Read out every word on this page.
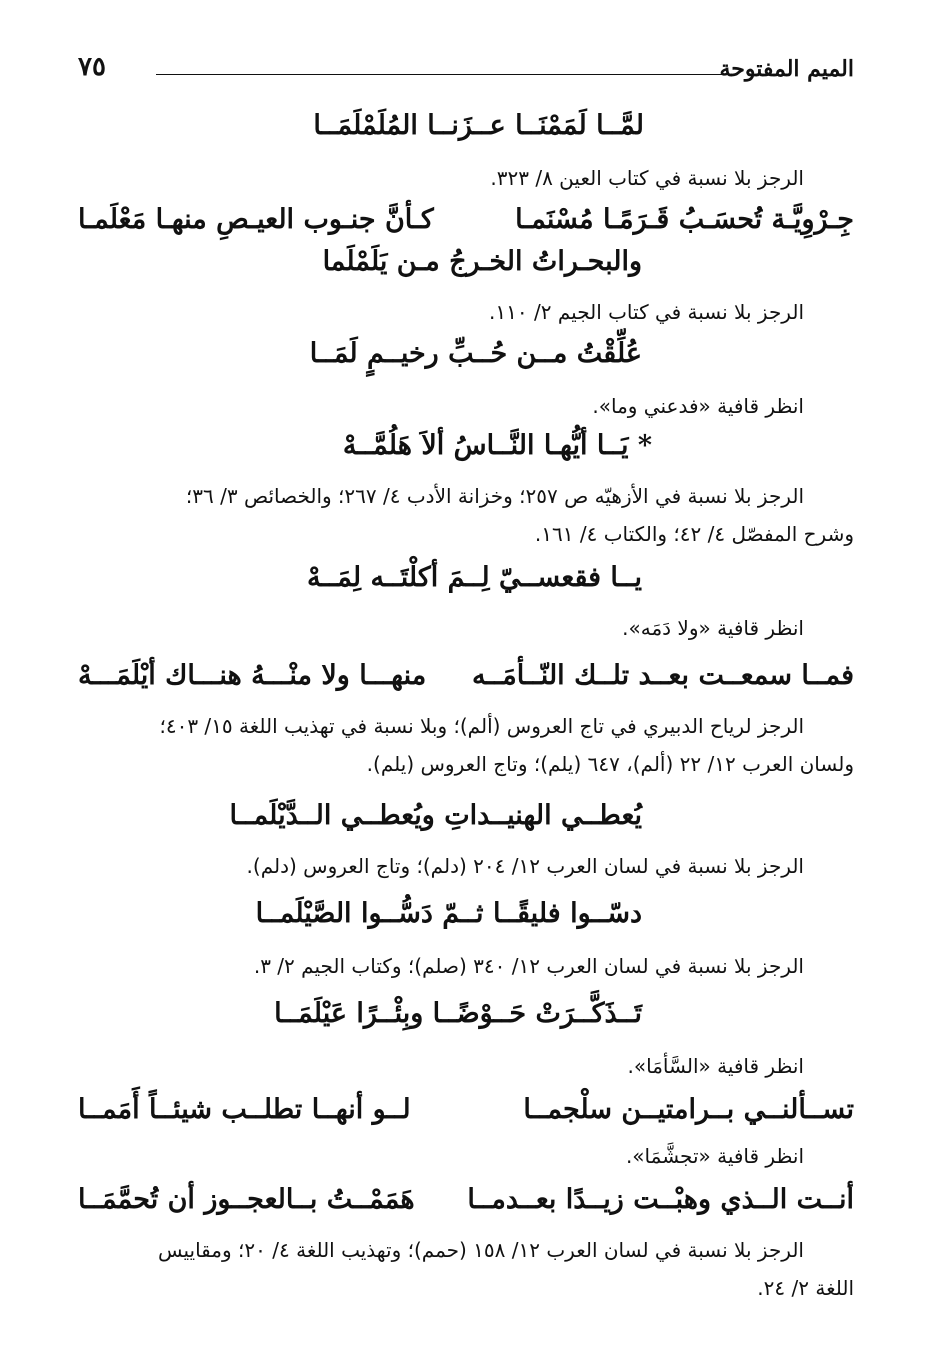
الميم المفتوحة
٧٥
لمَّــا لَمَمْنَــا عــزَنــا المُلَمْلَمَــا
الرجز بلا نسبة في كتاب العين ٨/ ٣٢٣.
جِـرْوِيَّـة تُحسَـبُ قَـرَمًـا مُسْنَمـا
كـأنَّ جنـوب العيـصِ منهـا مَعْلَمـا
والبحـراتُ الخـرجُ مـن يَلَمْلَما
الرجز بلا نسبة في كتاب الجيم ٢/ ١١٠.
عُلِّقْتُ مــن حُــبِّ رخيــمٍ لَمَــا
انظر قافية «فدعني وما».
* يَــا أيُّهـا النَّــاسُ ألاَ هَلُمَّــهْ
الرجز بلا نسبة في الأزهيّه ص ٢٥٧؛ وخزانة الأدب ٤/ ٢٦٧؛ والخصائص ٣/ ٣٦؛
وشرح المفصّل ٤/ ٤٢؛ والكتاب ٤/ ١٦١.
يــا فقعســيّ لِــمَ أكلْتَــه لِمَــهْ
انظر قافية «ولا دَمَه».
فمــا سمعــت بعــد تلــك النّــأمَــه
منهـــا ولا منْـــهُ هنـــاك أيْلَمَـــهْ
الرجز لرياح الدبيري في تاج العروس (ألم)؛ وبلا نسبة في تهذيب اللغة ١٥/ ٤٠٣؛
ولسان العرب ١٢/ ٢٢ (ألم)، ٦٤٧ (يلم)؛ وتاج العروس (يلم).
يُعطــي الهنيــداتِ ويُعطــي الــدَّيْلَمــا
الرجز بلا نسبة في لسان العرب ١٢/ ٢٠٤ (دلم)؛ وتاج العروس (دلم).
دسّــوا فليقًــا ثــمّ دَسُّــوا الصَّيْلَمــا
الرجز بلا نسبة في لسان العرب ١٢/ ٣٤٠ (صلم)؛ وكتاب الجيم ٢/ ٣.
تَــذَكَّــرَتْ حَــوْضًــا وبِئْــرًا عَيْلَمَــا
انظر قافية «السَّأمَا».
تســألنــي بــرامتيــن سلْجمــا
لــو أنهــا تطلــب شيئــاً أَمَمــا
انظر قافية «تجشَّمَا».
أنــت الــذي وهبْــت زيــدًا بعــدمــا
هَمَمْــتُ بــالعجــوز أن تُحمَّمَــا
الرجز بلا نسبة في لسان العرب ١٢/ ١٥٨ (حمم)؛ وتهذيب اللغة ٤/ ٢٠؛ ومقاييس
اللغة ٢/ ٢٤.
